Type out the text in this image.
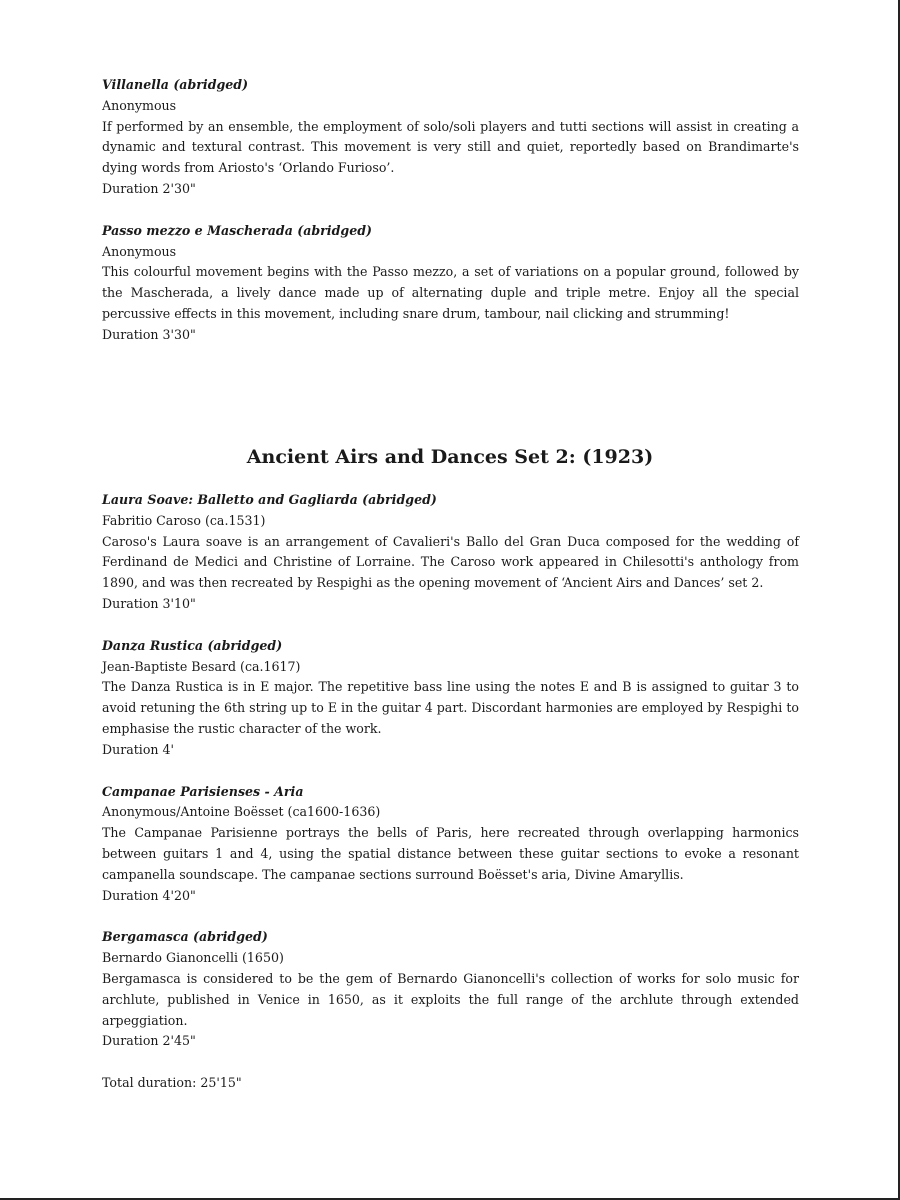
Villanella (abridged)
Anonymous
If performed by an ensemble, the employment of solo/soli players and tutti sections will assist in creating a dynamic and textural contrast. This movement is very still and quiet, reportedly based on Brandimarte's dying words from Ariosto's ‘Orlando Furioso’.
Duration 2'30"
Passo mezzo e Mascherada (abridged)
Anonymous
This colourful movement begins with the Passo mezzo, a set of variations on a popular ground, followed by the Mascherada, a lively dance made up of alternating duple and triple metre. Enjoy all the special percussive effects in this movement, including snare drum, tambour, nail clicking and strumming!
Duration 3'30"
Ancient Airs and Dances Set 2: (1923)
Laura Soave: Balletto and Gagliarda (abridged)
Fabritio Caroso (ca.1531)
Caroso's Laura soave is an arrangement of Cavalieri's Ballo del Gran Duca composed for the wedding of Ferdinand de Medici and Christine of Lorraine. The Caroso work appeared in Chilesotti's anthology from 1890, and was then recreated by Respighi as the opening movement of ‘Ancient Airs and Dances’ set 2.
Duration 3'10"
Danza Rustica (abridged)
Jean-Baptiste Besard (ca.1617)
The Danza Rustica is in E major. The repetitive bass line using the notes E and B is assigned to guitar 3 to avoid retuning the 6th string up to E in the guitar 4 part. Discordant harmonies are employed by Respighi to emphasise the rustic character of the work.
Duration 4'
Campanae Parisienses - Aria
Anonymous/Antoine Boësset (ca1600-1636)
The Campanae Parisienne portrays the bells of Paris, here recreated through overlapping harmonics between guitars 1 and 4, using the spatial distance between these guitar sections to evoke a resonant campanella soundscape. The campanae sections surround Boësset's aria, Divine Amaryllis.
Duration 4'20"
Bergamasca (abridged)
Bernardo Gianoncelli (1650)
Bergamasca is considered to be the gem of Bernardo Gianoncelli's collection of works for solo music for archlute, published in Venice in 1650, as it exploits the full range of the archlute through extended arpeggiation.
Duration 2'45"
Total duration: 25'15"
